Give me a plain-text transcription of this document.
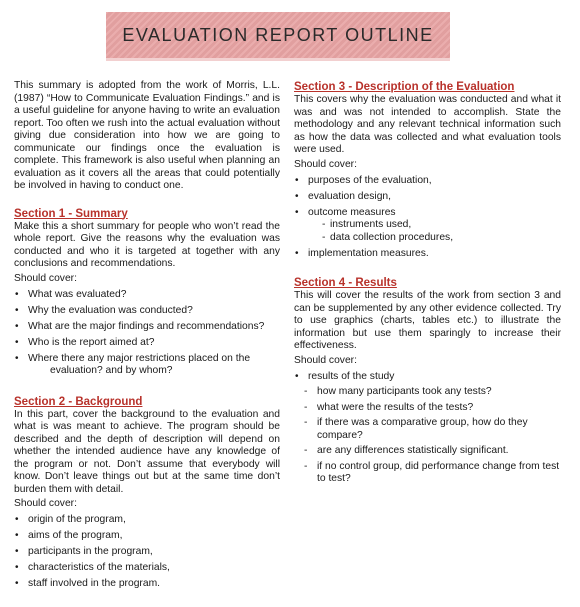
EVALUATION REPORT OUTLINE

This summary is adopted from the work of Morris, L.L. (1987) “How to Communicate Evaluation Findings.” and is a useful guideline for anyone having to write an evaluation report. Too often we rush into the actual evaluation without giving due consideration into how we are going to communicate our findings once the evaluation is complete. This framework is also useful when planning an evaluation as it covers all the areas that could potentially be involved in having to conduct one.

Section 1 - Summary

Make this a short summary for people who won’t read the whole report. Give the reasons why the evaluation was conducted and who it is targeted at together with any conclusions and recommendations.

Should cover:
• What was evaluated?
• Why the evaluation was conducted?
• What are the major findings and recommendations?
• Who is the report aimed at?
• Where there any major restrictions placed on the
evaluation? and by whom?
Section 2 - Background

In this part, cover the background to the evaluation and what is was meant to achieve. The program should be described and the depth of description will depend on whether the intended audience have any knowledge of the program or not. Don’t assume that everybody will know. Don’t leave things out but at the same time don’t burden them with detail.

Should cover:
• origin of the program,
• aims of the program,
• participants in the program,
• characteristics of the materials,
• staff involved in the program.
Section 3 - Description of the Evaluation

This covers why the evaluation was conducted and what it was and was not intended to accomplish. State the methodology and any relevant technical information such as how the data was collected and what evaluation tools were used.

Should cover:
• purposes of the evaluation,
• evaluation design,
• outcome measures
- instruments used,
- data collection procedures,
• implementation measures.
Section 4 - Results

This will cover the results of the work from section 3 and can be supplemented by any other evidence collected. Try to use graphics (charts, tables etc.) to illustrate the information but use them sparingly to increase their effectiveness.

Should cover:
• results of the study
- how many participants took any tests?
- what were the results of the tests?
- if there was a comparative group, how do they compare?
- are any differences statistically significant.
- if no control group, did performance change from test to test?
